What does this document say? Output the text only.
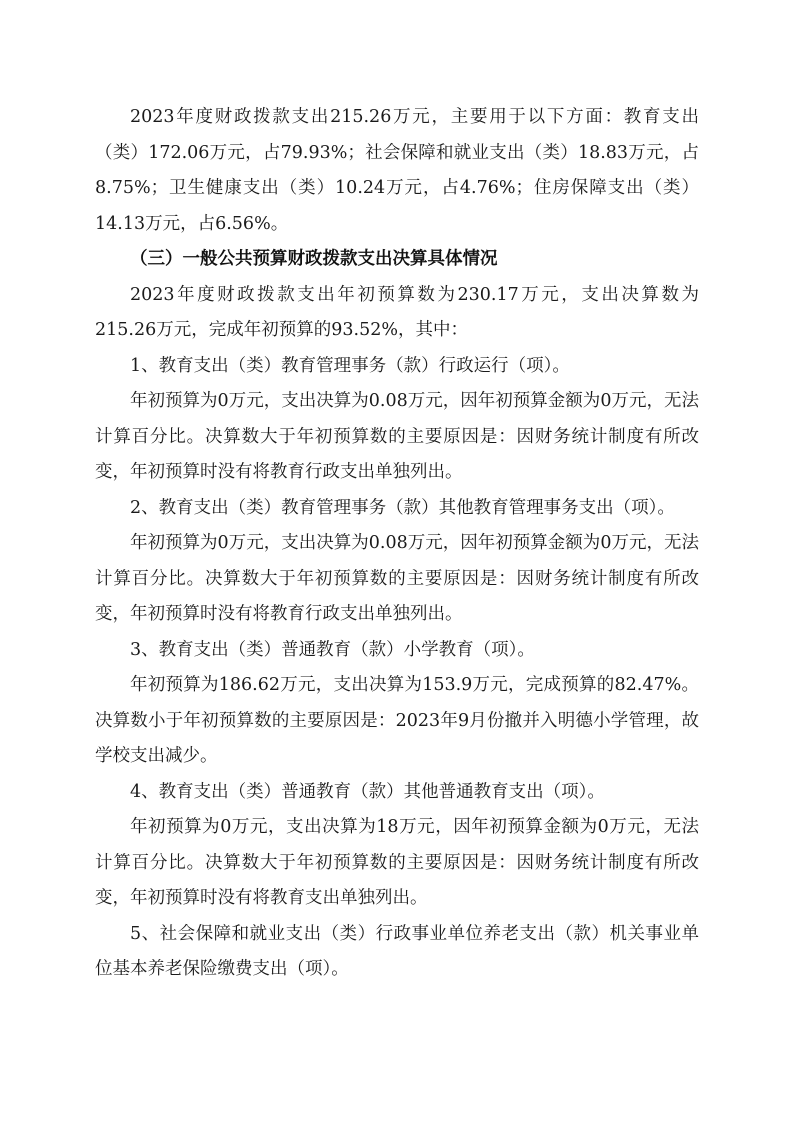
2023年度财政拨款支出215.26万元，主要用于以下方面：教育支出（类）172.06万元，占79.93%；社会保障和就业支出（类）18.83万元，占8.75%；卫生健康支出（类）10.24万元，占4.76%；住房保障支出（类）14.13万元，占6.56%。

（三）一般公共预算财政拨款支出决算具体情况

2023年度财政拨款支出年初预算数为230.17万元，支出决算数为215.26万元，完成年初预算的93.52%，其中：

1、教育支出（类）教育管理事务（款）行政运行（项）。

年初预算为0万元，支出决算为0.08万元，因年初预算金额为0万元，无法计算百分比。决算数大于年初预算数的主要原因是：因财务统计制度有所改变，年初预算时没有将教育行政支出单独列出。

2、教育支出（类）教育管理事务（款）其他教育管理事务支出（项）。

年初预算为0万元，支出决算为0.08万元，因年初预算金额为0万元，无法计算百分比。决算数大于年初预算数的主要原因是：因财务统计制度有所改变，年初预算时没有将教育行政支出单独列出。

3、教育支出（类）普通教育（款）小学教育（项）。

年初预算为186.62万元，支出决算为153.9万元，完成预算的82.47%。决算数小于年初预算数的主要原因是：2023年9月份撤并入明德小学管理，故学校支出减少。

4、教育支出（类）普通教育（款）其他普通教育支出（项）。

年初预算为0万元，支出决算为18万元，因年初预算金额为0万元，无法计算百分比。决算数大于年初预算数的主要原因是：因财务统计制度有所改变，年初预算时没有将教育支出单独列出。

5、社会保障和就业支出（类）行政事业单位养老支出（款）机关事业单位基本养老保险缴费支出（项）。
